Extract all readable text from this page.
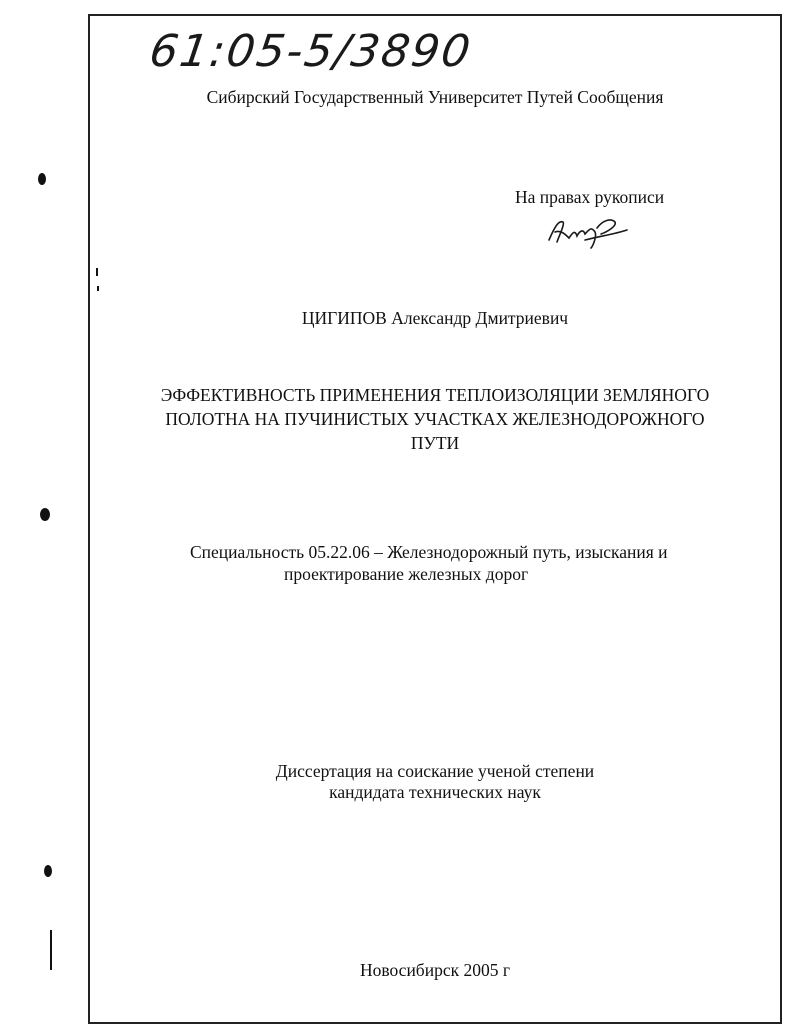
61:05-5/3890
Сибирский Государственный Университет Путей Сообщения
На правах рукописи
ЦИГИПОВ Александр Дмитриевич
ЭФФЕКТИВНОСТЬ ПРИМЕНЕНИЯ ТЕПЛОИЗОЛЯЦИИ ЗЕМЛЯНОГО
ПОЛОТНА НА ПУЧИНИСТЫХ УЧАСТКАХ ЖЕЛЕЗНОДОРОЖНОГО
ПУТИ
Специальность 05.22.06 – Железнодорожный путь, изыскания и
проектирование железных дорог
Диссертация на соискание ученой степени
кандидата технических наук
Новосибирск 2005 г
